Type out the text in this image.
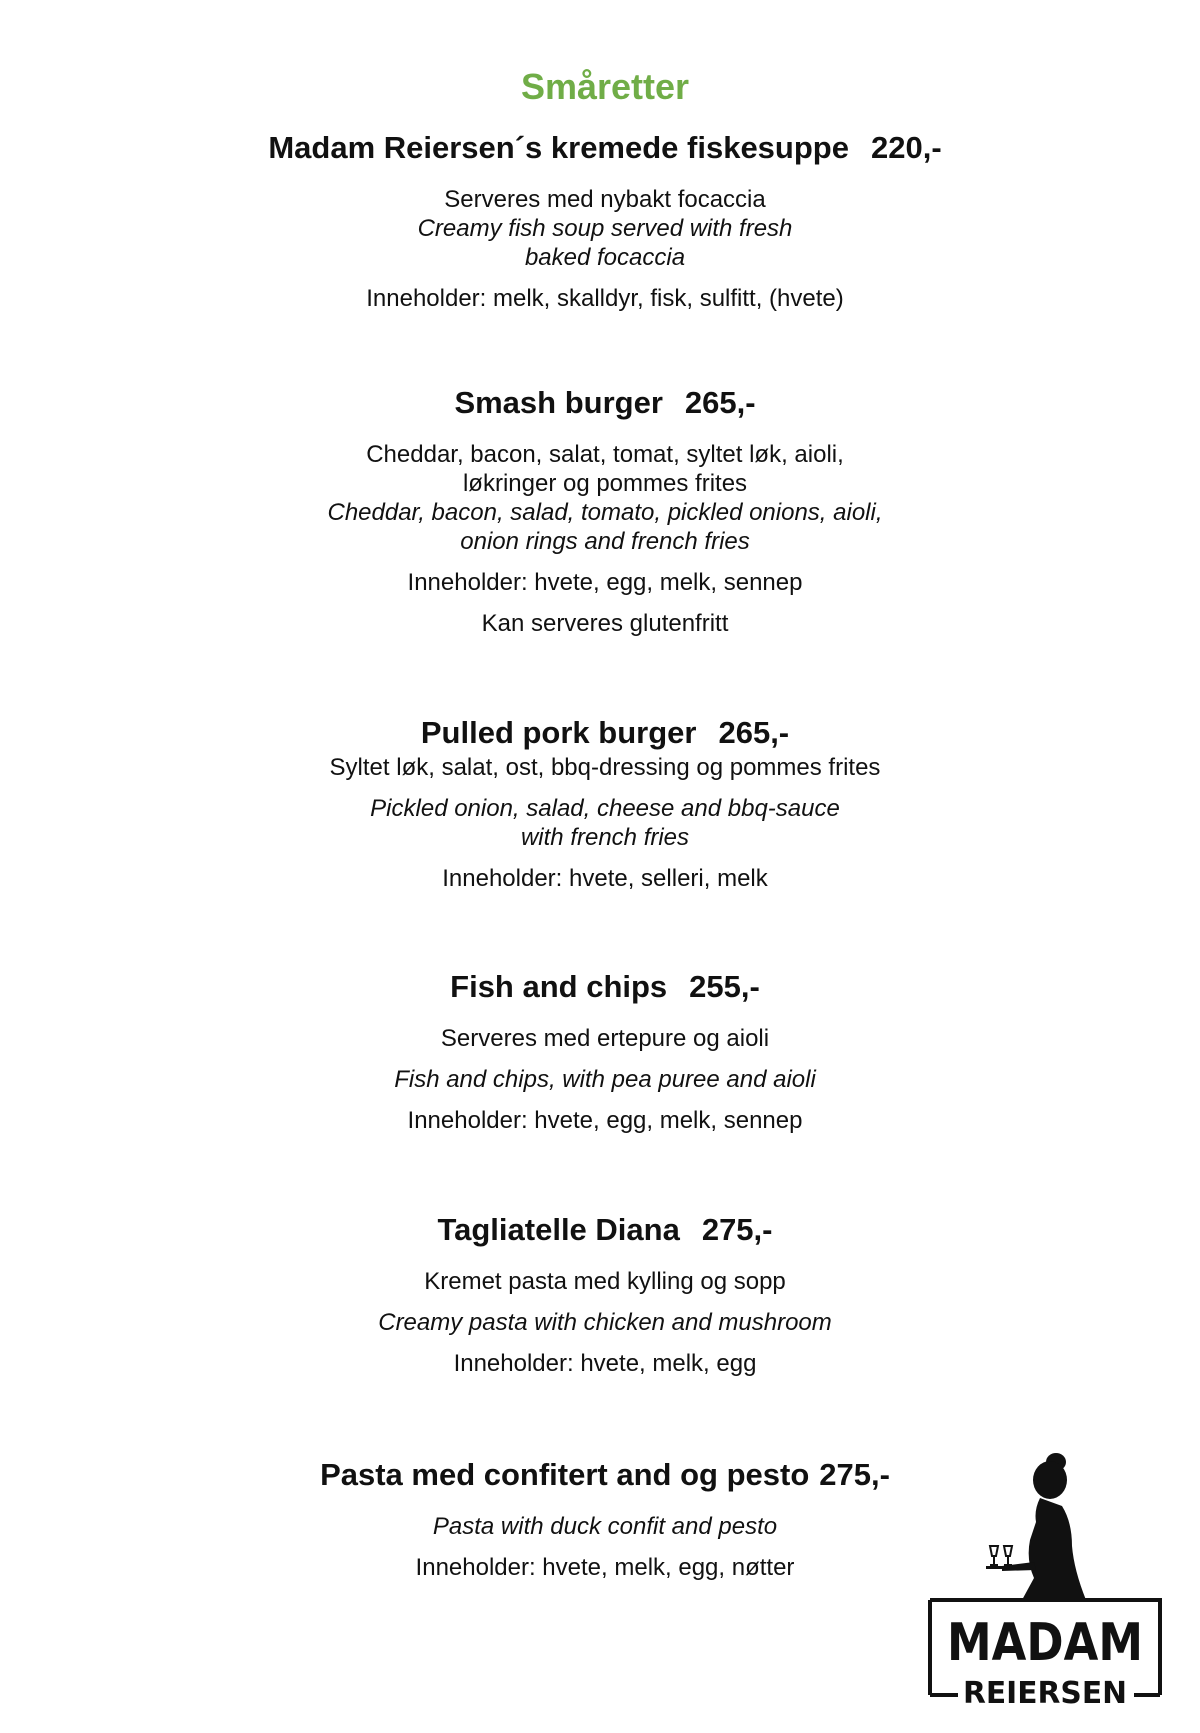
Småretter
Madam Reiersen´s kremede fiskesuppe 220,-
Serveres med nybakt focaccia
Creamy fish soup served with fresh
baked focaccia
Inneholder: melk, skalldyr, fisk, sulfitt, (hvete)
Smash burger 265,-
Cheddar, bacon, salat, tomat, syltet løk, aioli,
løkringer og pommes frites
Cheddar, bacon, salad, tomato, pickled onions, aioli,
onion rings and french fries
Inneholder: hvete, egg, melk, sennep
Kan serveres glutenfritt
Pulled pork burger 265,-
Syltet løk, salat, ost, bbq-dressing og pommes frites
Pickled onion, salad, cheese and bbq-sauce
with french fries
Inneholder: hvete, selleri, melk
Fish and chips 255,-
Serveres med ertepure og aioli
Fish and chips, with pea puree and aioli
Inneholder: hvete, egg, melk, sennep
Tagliatelle Diana 275,-
Kremet pasta med kylling og sopp
Creamy pasta with chicken and mushroom
Inneholder: hvete, melk, egg
Pasta med confitert and og pesto 275,-
Pasta with duck confit and pesto
Inneholder: hvete, melk, egg, nøtter
MADAM
REIERSEN
